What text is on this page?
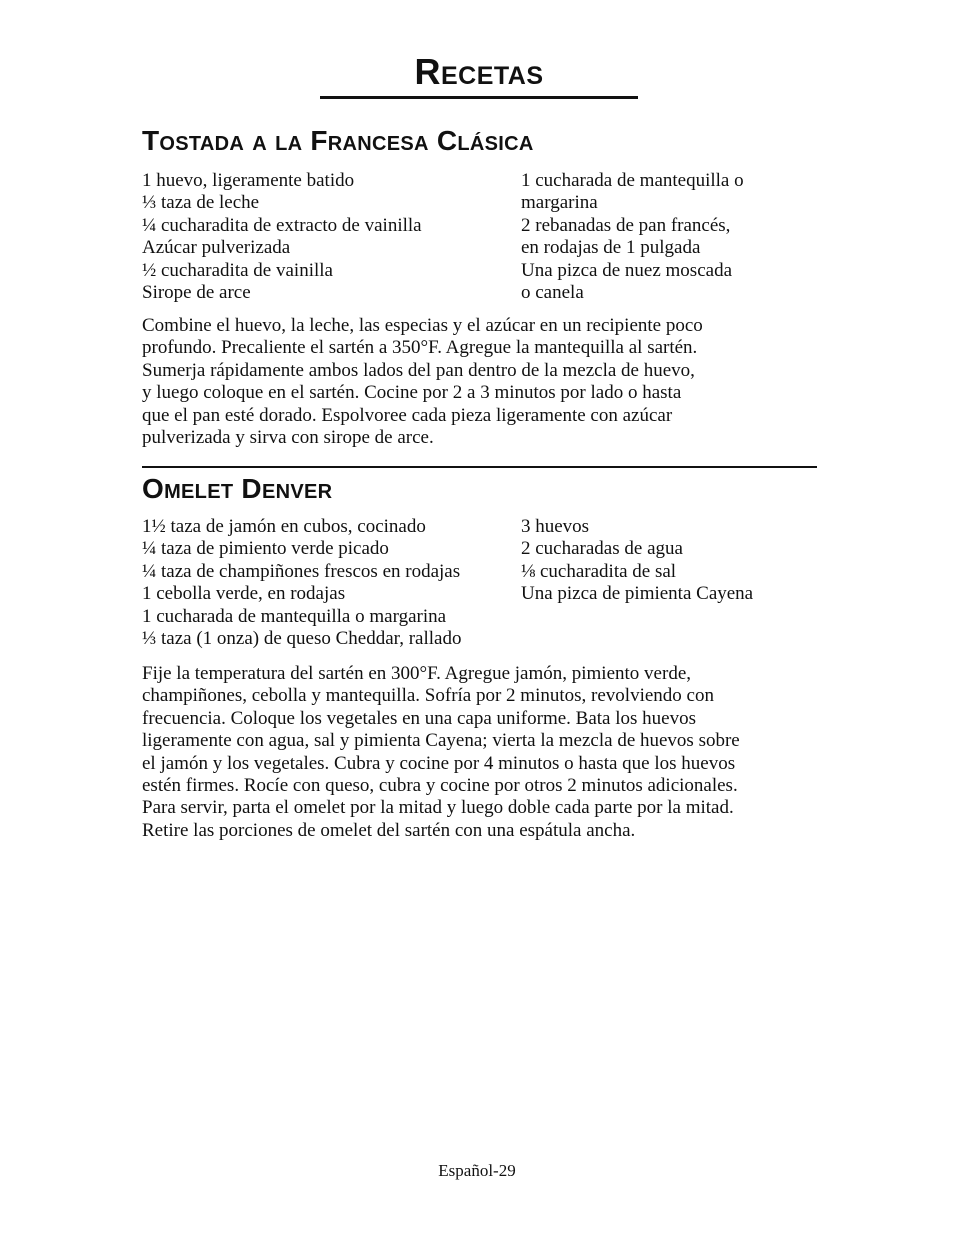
Recetas
Tostada a la Francesa Clásica
1 huevo, ligeramente batido
⅓ taza de leche
¼ cucharadita de extracto de vainilla
Azúcar pulverizada
½ cucharadita de vainilla
Sirope de arce
1 cucharada de mantequilla o
margarina
2 rebanadas de pan francés,
en rodajas de 1 pulgada
Una pizca de nuez moscada
o canela

Combine el huevo, la leche, las especias y el azúcar en un recipiente poco
profundo. Precaliente el sartén a 350°F. Agregue la mantequilla al sartén.
Sumerja rápidamente ambos lados del pan dentro de la mezcla de huevo,
y luego coloque en el sartén. Cocine por 2 a 3 minutos por lado o hasta
que el pan esté dorado. Espolvoree cada pieza ligeramente con azúcar
pulverizada y sirva con sirope de arce.

Omelet Denver
1½ taza de jamón en cubos, cocinado
¼ taza de pimiento verde picado
¼ taza de champiñones frescos en rodajas
1 cebolla verde, en rodajas
1 cucharada de mantequilla o margarina
⅓ taza (1 onza) de queso Cheddar, rallado
3 huevos
2 cucharadas de agua
⅛ cucharadita de sal
Una pizca de pimienta Cayena

Fije la temperatura del sartén en 300°F. Agregue jamón, pimiento verde,
champiñones, cebolla y mantequilla. Sofría por 2 minutos, revolviendo con
frecuencia. Coloque los vegetales en una capa uniforme. Bata los huevos
ligeramente con agua, sal y pimienta Cayena; vierta la mezcla de huevos sobre
el jamón y los vegetales. Cubra y cocine por 4 minutos o hasta que los huevos
estén firmes. Rocíe con queso, cubra y cocine por otros 2 minutos adicionales.
Para servir, parta el omelet por la mitad y luego doble cada parte por la mitad.
Retire las porciones de omelet del sartén con una espátula ancha.

Español-29
